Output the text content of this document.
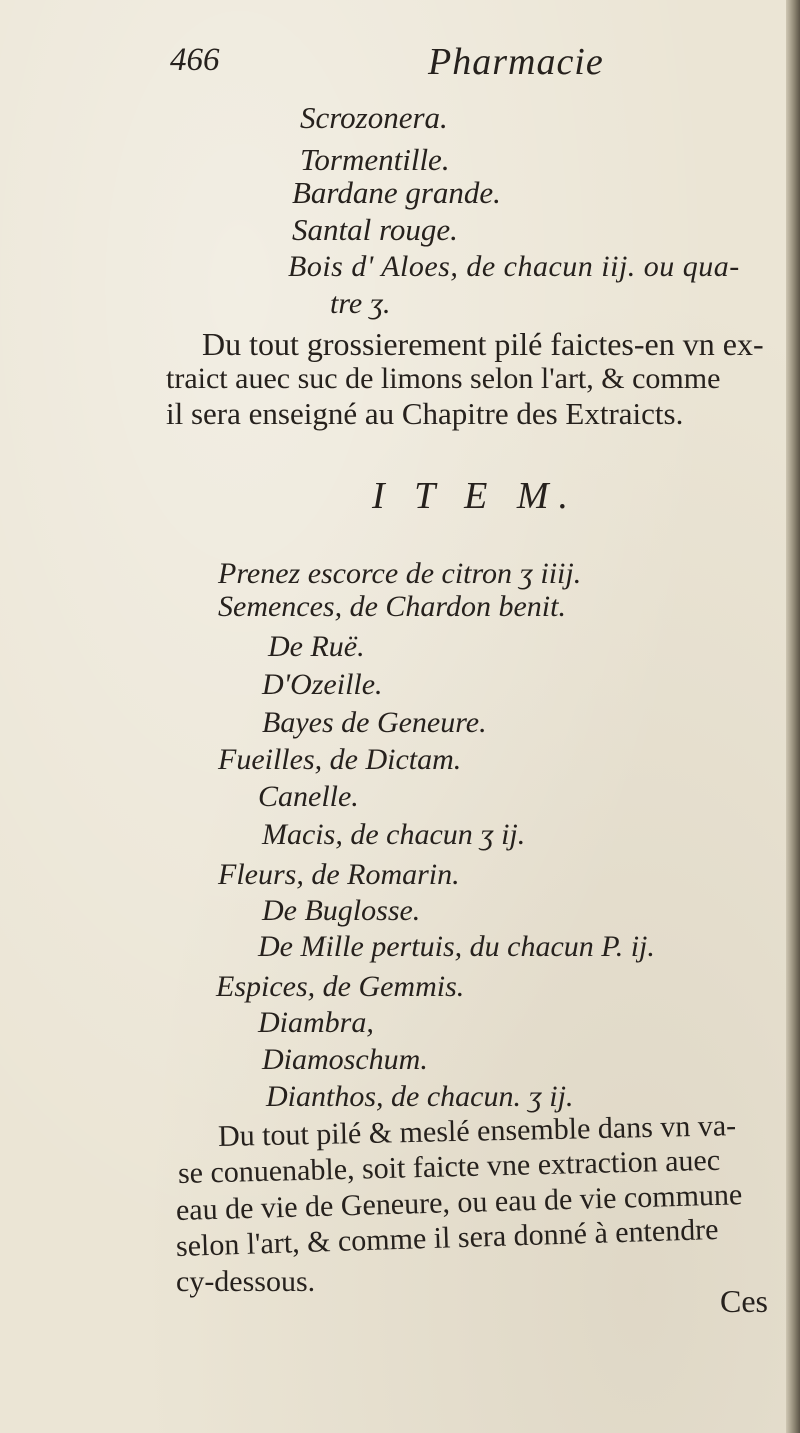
466	Pharmacie
Scrozonera.
Tormentille.
Bardane grande.
Santal rouge.
Bois d' Aloes, de chacun iij. ou qua-
tre ʒ.
Du tout grossierement pilé faictes-en vn ex-
traict auec suc de limons selon l'art, & comme
il sera enseigné au Chapitre des Extraicts.
I T E M.
Prenez escorce de citron ʒ iiij.
Semences, de Chardon benit.
De Ruë.
D'Ozeille.
Bayes de Geneure.
Fueilles, de Dictam.
Canelle.
Macis, de chacun ʒ ij.
Fleurs, de Romarin.
De Buglosse.
De Mille pertuis, du chacun P. ij.
Espices, de Gemmis.
Diambra,
Diamoschum.
Dianthos, de chacun. ʒ ij.
Du tout pilé & meslé ensemble dans vn va-
se conuenable, soit faicte vne extraction auec
eau de vie de Geneure, ou eau de vie commune
selon l'art, & comme il sera donné à entendre
cy-dessous.
Ces
